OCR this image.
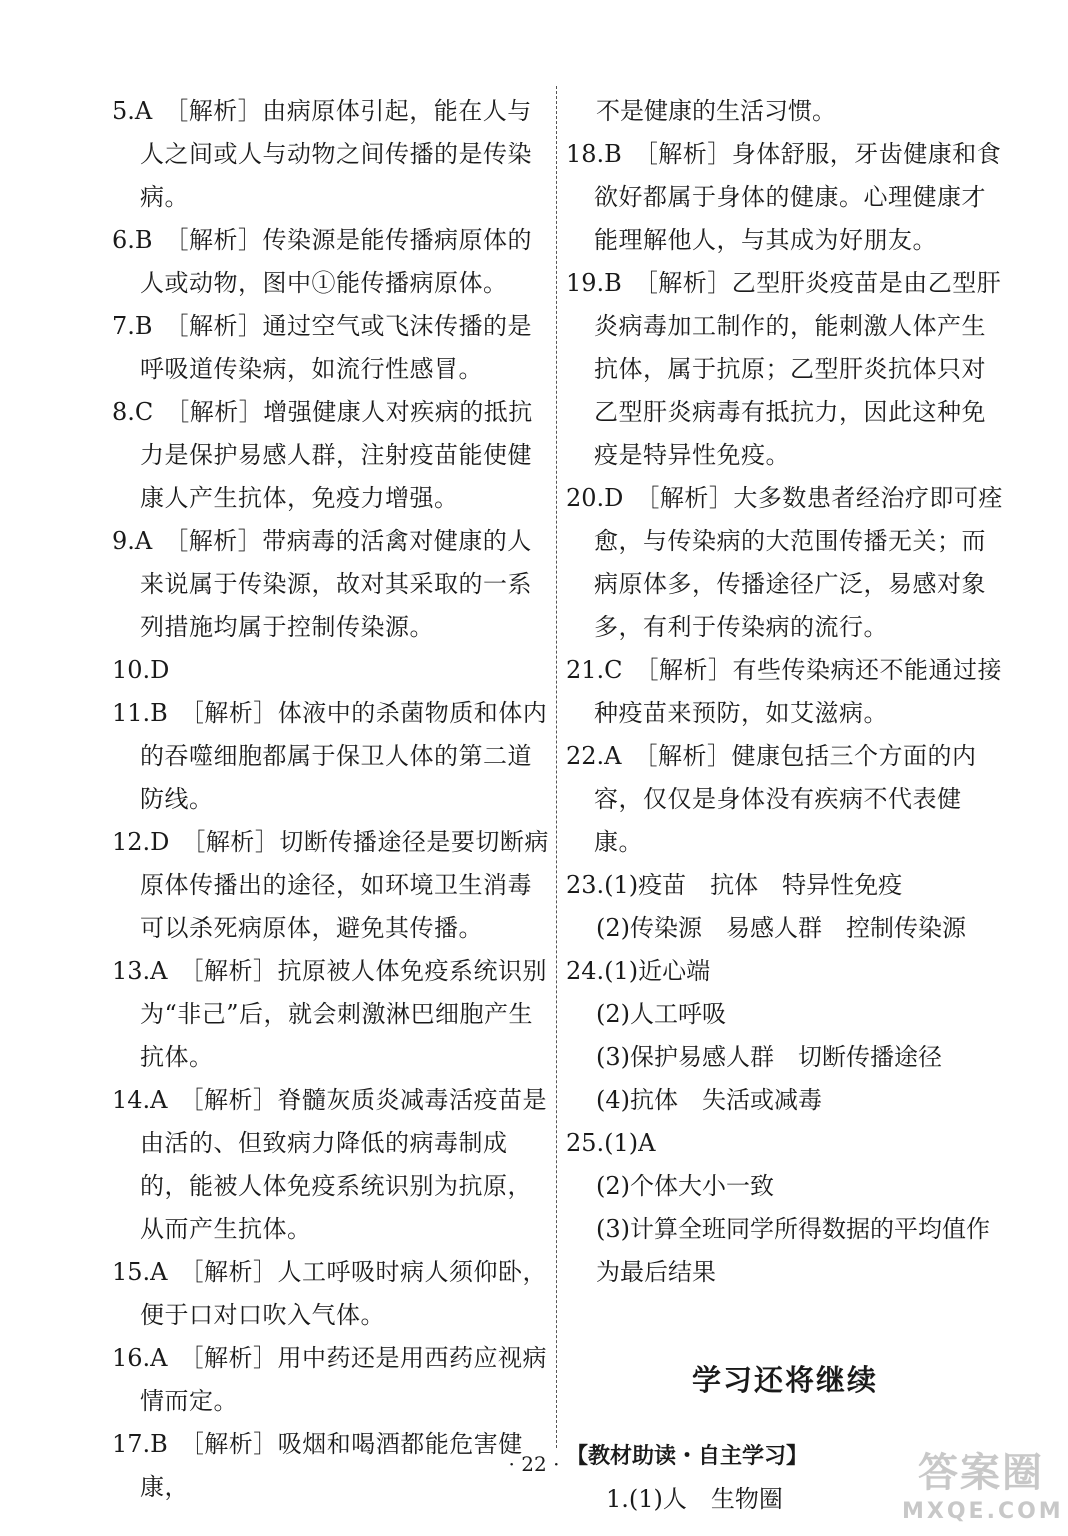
5.A　 ［解析］由病原体引起，能在人与人之间或人与动物之间传播的是传染病。

6.B　 ［解析］传染源是能传播病原体的人或动物，图中①能传播病原体。

7.B　 ［解析］通过空气或飞沫传播的是呼吸道传染病，如流行性感冒。

8.C　 ［解析］增强健康人对疾病的抵抗力是保护易感人群，注射疫苗能使健康人产生抗体，免疫力增强。

9.A　 ［解析］带病毒的活禽对健康的人来说属于传染源，故对其采取的一系列措施均属于控制传染源。

10.D

11.B　 ［解析］体液中的杀菌物质和体内的吞噬细胞都属于保卫人体的第二道防线。

12.D　 ［解析］切断传播途径是要切断病原体传播出的途径，如环境卫生消毒可以杀死病原体，避免其传播。

13.A　 ［解析］抗原被人体免疫系统识别为“非己”后，就会刺激淋巴细胞产生抗体。

14.A　 ［解析］脊髓灰质炎减毒活疫苗是由活的、但致病力降低的病毒制成的，能被人体免疫系统识别为抗原，从而产生抗体。

15.A　 ［解析］人工呼吸时病人须仰卧，便于口对口吹入气体。

16.A　 ［解析］用中药还是用西药应视病情而定。

17.B　 ［解析］吸烟和喝酒都能危害健康，

不是健康的生活习惯。

18.B　 ［解析］身体舒服，牙齿健康和食欲好都属于身体的健康。心理健康才能理解他人，与其成为好朋友。

19.B　 ［解析］乙型肝炎疫苗是由乙型肝炎病毒加工制作的，能刺激人体产生抗体，属于抗原；乙型肝炎抗体只对乙型肝炎病毒有抵抗力，因此这种免疫是特异性免疫。

20.D　 ［解析］大多数患者经治疗即可痊愈，与传染病的大范围传播无关；而病原体多，传播途径广泛，易感对象多，有利于传染病的流行。

21.C　 ［解析］有些传染病还不能通过接种疫苗来预防，如艾滋病。

22.A　 ［解析］健康包括三个方面的内容，仅仅是身体没有疾病不代表健康。

23.(1)疫苗　抗体　特异性免疫

(2)传染源　易感人群　控制传染源

24.(1)近心端

(2)人工呼吸

(3)保护易感人群　切断传播途径

(4)抗体　失活或减毒

25.(1)A

(2)个体大小一致

(3)计算全班同学所得数据的平均值作为最后结果

学习还将继续

【教材助读・自主学习】

1.(1)人　生物圈

· 22 ·	答案圈
MXQE.COM
